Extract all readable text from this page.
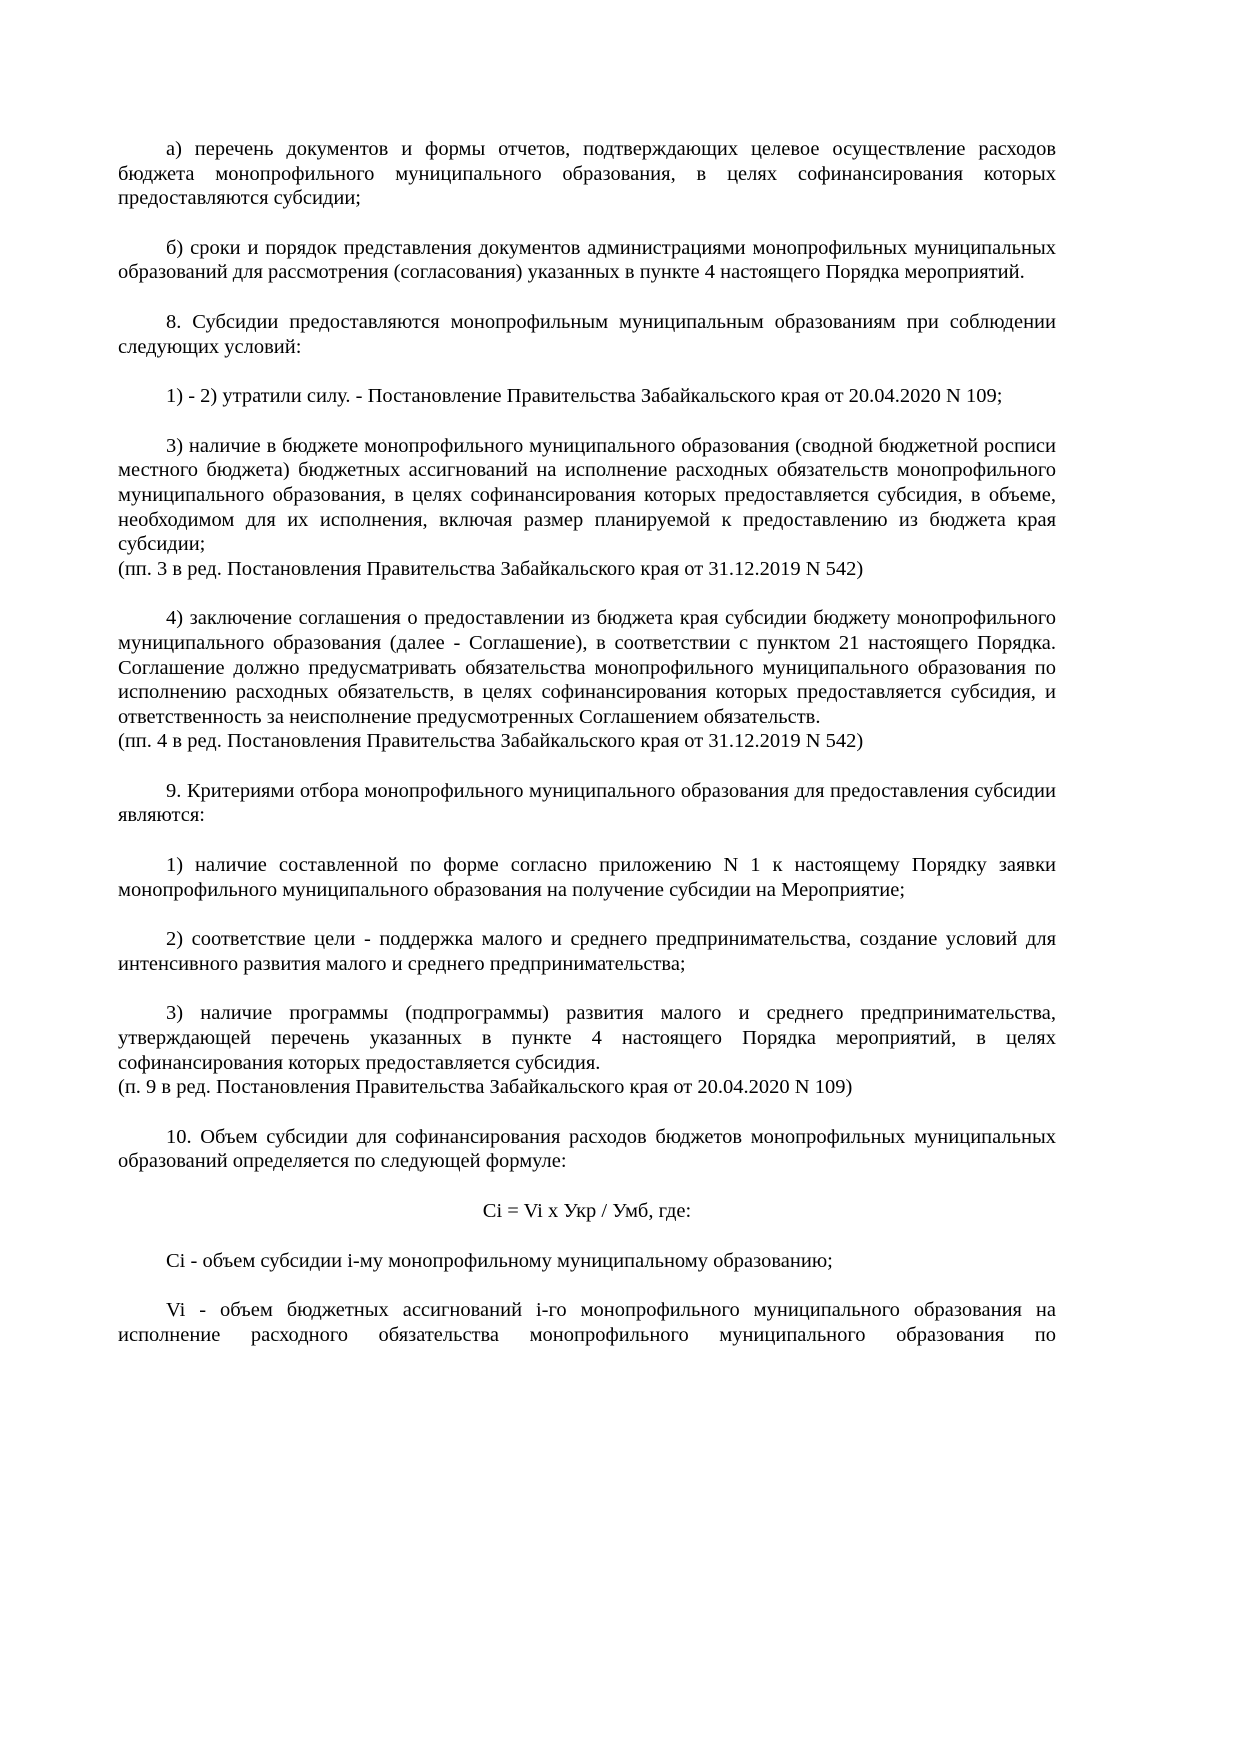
а) перечень документов и формы отчетов, подтверждающих целевое осуществление расходов бюджета монопрофильного муниципального образования, в целях софинансирования которых предоставляются субсидии;

б) сроки и порядок представления документов администрациями монопрофильных муниципальных образований для рассмотрения (согласования) указанных в пункте 4 настоящего Порядка мероприятий.

8. Субсидии предоставляются монопрофильным муниципальным образованиям при соблюдении следующих условий:

1) - 2) утратили силу. - Постановление Правительства Забайкальского края от 20.04.2020 N 109;

3) наличие в бюджете монопрофильного муниципального образования (сводной бюджетной росписи местного бюджета) бюджетных ассигнований на исполнение расходных обязательств монопрофильного муниципального образования, в целях софинансирования которых предоставляется субсидия, в объеме, необходимом для их исполнения, включая размер планируемой к предоставлению из бюджета края субсидии;

(пп. 3 в ред. Постановления Правительства Забайкальского края от 31.12.2019 N 542)

4) заключение соглашения о предоставлении из бюджета края субсидии бюджету монопрофильного муниципального образования (далее - Соглашение), в соответствии с пунктом 21 настоящего Порядка. Соглашение должно предусматривать обязательства монопрофильного муниципального образования по исполнению расходных обязательств, в целях софинансирования которых предоставляется субсидия, и ответственность за неисполнение предусмотренных Соглашением обязательств.

(пп. 4 в ред. Постановления Правительства Забайкальского края от 31.12.2019 N 542)

9. Критериями отбора монопрофильного муниципального образования для предоставления субсидии являются:

1) наличие составленной по форме согласно приложению N 1 к настоящему Порядку заявки монопрофильного муниципального образования на получение субсидии на Мероприятие;

2) соответствие цели - поддержка малого и среднего предпринимательства, создание условий для интенсивного развития малого и среднего предпринимательства;

3) наличие программы (подпрограммы) развития малого и среднего предпринимательства, утверждающей перечень указанных в пункте 4 настоящего Порядка мероприятий, в целях софинансирования которых предоставляется субсидия.

(п. 9 в ред. Постановления Правительства Забайкальского края от 20.04.2020 N 109)

10. Объем субсидии для софинансирования расходов бюджетов монопрофильных муниципальных образований определяется по следующей формуле:

Ci = Vi x Укр / Умб, где:

Ci - объем субсидии i-му монопрофильному муниципальному образованию;

Vi - объем бюджетных ассигнований i-го монопрофильного муниципального образования на исполнение расходного обязательства монопрофильного муниципального образования по
